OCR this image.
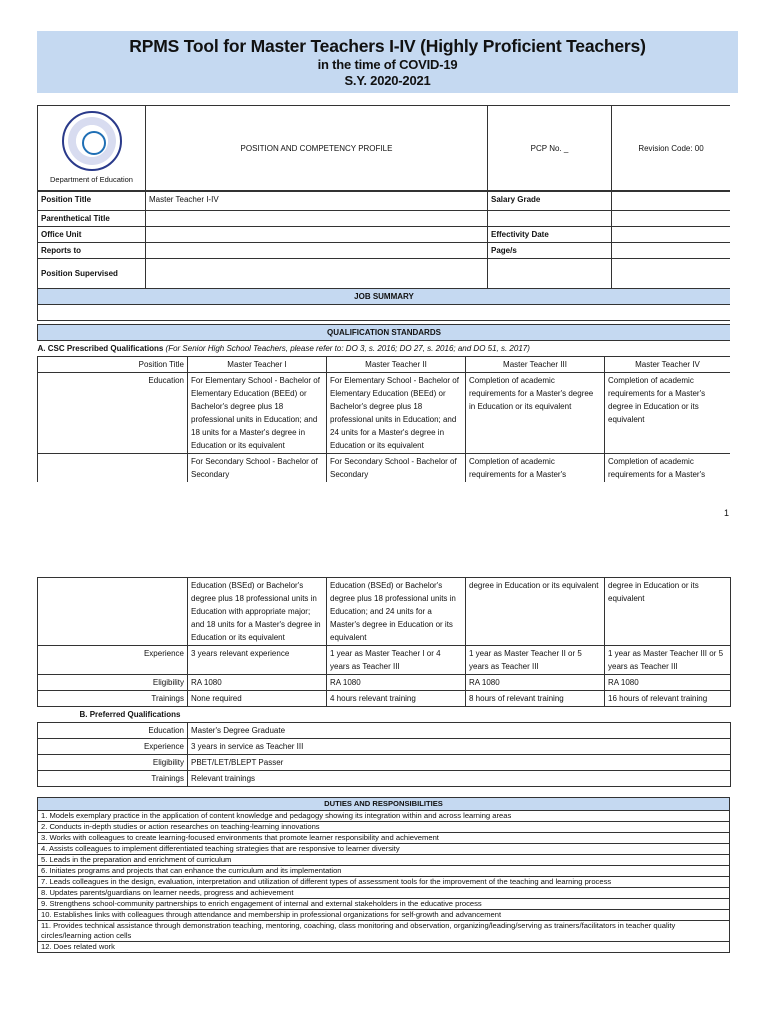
RPMS Tool for Master Teachers I-IV (Highly Proficient Teachers)
in the time of COVID-19
S.Y. 2020-2021
Department of Education
	POSITION AND COMPETENCY PROFILE	PCP No. _	Revision Code: 00
Position Title	Master Teacher I-IV	Salary Grade	
Parenthetical Title			
Office Unit		Effectivity Date	
Reports to		Page/s	
Position Supervised			
JOB SUMMARY			

QUALIFICATION STANDARDS			
A. CSC Prescribed Qualifications (For Senior High School Teachers, please refer to: DO 3, s. 2016; DO 27, s. 2016; and DO 51, s. 2017)				
Position Title	Master Teacher I	Master Teacher II	Master Teacher III	Master Teacher IV
Education	For Elementary School - Bachelor of Elementary Education (BEEd) or Bachelor's degree plus 18 professional units in Education; and 18 units for a Master's degree in Education or its equivalent	For Elementary School - Bachelor of Elementary Education (BEEd) or Bachelor's degree plus 18 professional units in Education; and 24 units for a Master's degree in Education or its equivalent	Completion of academic requirements for a Master's degree in Education or its equivalent	Completion of academic requirements for a Master's degree in Education or its equivalent
	For Secondary School - Bachelor of Secondary	For Secondary School - Bachelor of Secondary	Completion of academic requirements for a Master's	Completion of academic requirements for a Master's
1
	Education (BSEd) or Bachelor's degree plus 18 professional units in Education with appropriate major; and 18 units for a Master's degree in Education or its equivalent	Education (BSEd) or Bachelor's degree plus 18 professional units in Education; and 24 units for a Master's degree in Education or its equivalent	degree in Education or its equivalent	degree in Education or its equivalent
Experience	3 years relevant experience	1 year as Master Teacher I or 4 years as Teacher III	1 year as Master Teacher II or 5 years as Teacher III	1 year as Master Teacher III or 5 years as Teacher III
Eligibility	RA 1080	RA 1080	RA 1080	RA 1080
Trainings	None required	4 hours relevant training	8 hours of relevant training	16 hours of relevant training
B. Preferred Qualifications				
Education	Master's Degree Graduate			
Experience	3 years in service as Teacher III			
Eligibility	PBET/LET/BLEPT Passer			
Trainings	Relevant trainings			
DUTIES AND RESPONSIBILITIES
1. Models exemplary practice in the application of content knowledge and pedagogy showing its integration within and across learning areas
2. Conducts in-depth studies or action researches on teaching-learning innovations
3. Works with colleagues to create learning-focused environments that promote learner responsibility and achievement
4. Assists colleagues to implement differentiated teaching strategies that are responsive to learner diversity
5. Leads in the preparation and enrichment of curriculum
6. Initiates programs and projects that can enhance the curriculum and its implementation
7. Leads colleagues in the design, evaluation, interpretation and utilization of different types of assessment tools for the improvement of the teaching and learning process
8. Updates parents/guardians on learner needs, progress and achievement
9. Strengthens school-community partnerships to enrich engagement of internal and external stakeholders in the educative process
10. Establishes links with colleagues through attendance and membership in professional organizations for self-growth and advancement
11. Provides technical assistance through demonstration teaching, mentoring, coaching, class monitoring and observation, organizing/leading/serving as trainers/facilitators in teacher quality circles/learning action cells
12. Does related work
